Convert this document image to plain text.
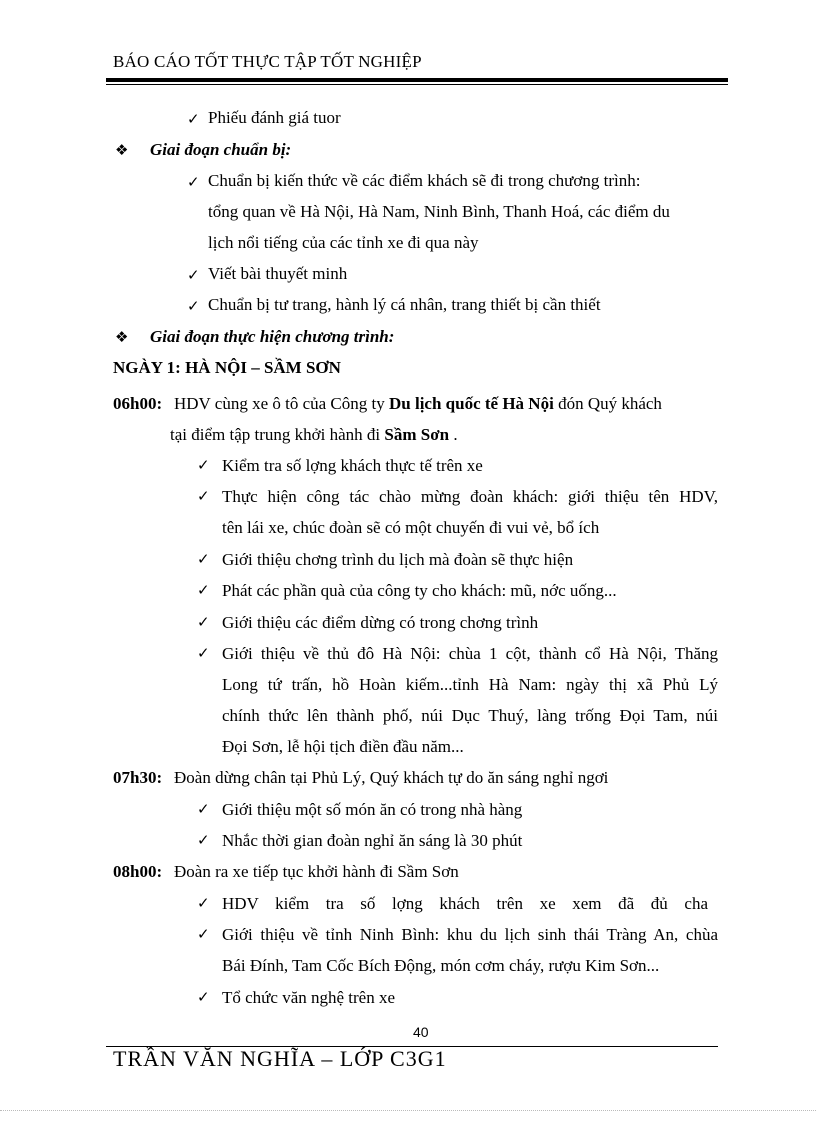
BÁO CÁO TỐT THỰC TẬP TỐT NGHIỆP
✓ Phiếu đánh giá tuor
❖ Giai đoạn chuẩn bị:
✓ Chuẩn bị kiến thức về các điểm khách sẽ đi trong chương trình:
tổng quan về Hà Nội, Hà Nam, Ninh Bình, Thanh Hoá, các điểm du
lịch nổi tiếng của các tỉnh xe đi qua này
✓ Viết bài thuyết minh
✓ Chuẩn bị tư trang, hành lý cá nhân, trang thiết bị cần thiết
❖ Giai đoạn thực hiện chương trình:
NGÀY 1: HÀ NỘI – SẦM SƠN
06h00: HDV cùng xe ô tô của Công ty Du lịch quốc tế Hà Nội đón Quý khách
tại điểm tập trung khởi hành đi Sầm Sơn .
✓ Kiểm tra số lợng khách thực tế trên xe
✓ Thực hiện công tác chào mừng đoàn khách: giới thiệu tên HDV,
tên lái xe, chúc đoàn sẽ có một chuyến đi vui vẻ, bổ ích
✓ Giới thiệu chơng trình du lịch mà đoàn sẽ thực hiện
✓ Phát các phần quà của công ty cho khách: mũ, nớc uống...
✓ Giới thiệu các điểm dừng có trong chơng trình
✓ Giới thiệu về thủ đô Hà Nội: chùa 1 cột, thành cổ Hà Nội, Thăng
Long tứ trấn, hồ Hoàn kiếm...tỉnh Hà Nam: ngày thị xã Phủ Lý
chính thức lên thành phố, núi Dục Thuý, làng trống Đọi Tam, núi
Đọi Sơn, lễ hội tịch điền đầu năm...
07h30: Đoàn dừng chân tại Phủ Lý, Quý khách tự do ăn sáng nghỉ ngơi
✓ Giới thiệu một số món ăn có trong nhà hàng
✓ Nhắc thời gian đoàn nghỉ ăn sáng là 30 phút
08h00: Đoàn ra xe tiếp tục khởi hành đi Sầm Sơn
✓ HDV kiểm tra số lợng khách trên xe xem đã đủ cha
✓ Giới thiệu về tỉnh Ninh Bình: khu du lịch sinh thái Tràng An, chùa
Bái Đính, Tam Cốc Bích Động, món cơm cháy, rượu Kim Sơn...
✓ Tổ chức văn nghệ trên xe
40
TRẦN VĂN NGHĨA – LỚP C3G1
